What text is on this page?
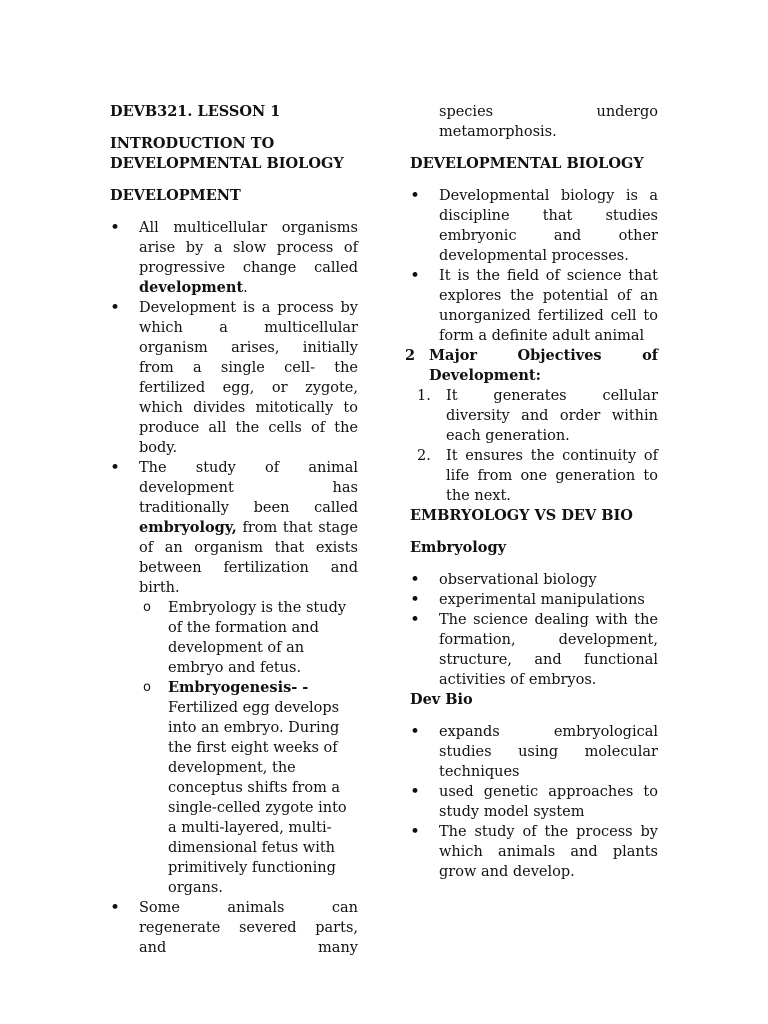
DEVB321. LESSON 1
INTRODUCTION TO
DEVELOPMENTAL BIOLOGY
DEVELOPMENT
• All multicellular organisms arise by a slow process of progressive change called development.
• Development is a process by which a multicellular organism arises, initially from a single cell- the fertilized egg, or zygote, which divides mitotically to produce all the cells of the body.
• The study of animal development has traditionally been called embryology, from that stage of an organism that exists between fertilization and birth.
o Embryology is the study of the formation and development of an embryo and fetus.
o Embryogenesis- - Fertilized egg develops into an embryo. During the first eight weeks of development, the conceptus shifts from a single-celled zygote into a multi-layered, multi-dimensional fetus with primitively functioning organs.
• Some animals can regenerate severed parts, and many
species undergo metamorphosis.
DEVELOPMENTAL BIOLOGY
• Developmental biology is a discipline that studies embryonic and other developmental processes.
• It is the field of science that explores the potential of an unorganized fertilized cell to form a definite adult animal
2 Major Objectives of Development:
1. It generates cellular diversity and order within each generation.
2. It ensures the continuity of life from one generation to the next.
EMBRYOLOGY VS DEV BIO
Embryology
• observational biology
• experimental manipulations
• The science dealing with the formation, development, structure, and functional activities of embryos.
Dev Bio
• expands embryological studies using molecular techniques
• used genetic approaches to study model system
• The study of the process by which animals and plants grow and develop.
